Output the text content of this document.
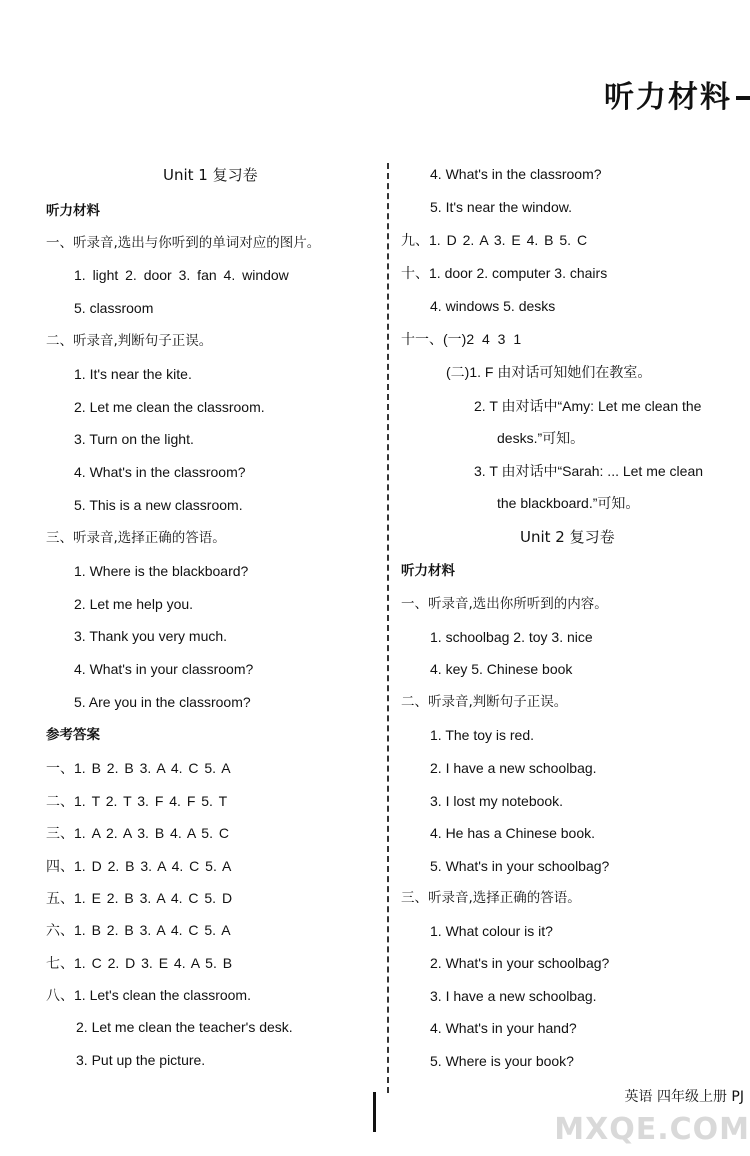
听力材料
Unit 1 复习卷
听力材料
一、听录音,选出与你听到的单词对应的图片。
1. light 2. door 3. fan 4. window
5. classroom
二、听录音,判断句子正误。
1. It's near the kite.
2. Let me clean the classroom.
3. Turn on the light.
4. What's in the classroom?
5. This is a new classroom.
三、听录音,选择正确的答语。
1. Where is the blackboard?
2. Let me help you.
3. Thank you very much.
4. What's in your classroom?
5. Are you in the classroom?
参考答案
一、1. B 2. B 3. A 4. C 5. A
二、1. T 2. T 3. F 4. F 5. T
三、1. A 2. A 3. B 4. A 5. C
四、1. D 2. B 3. A 4. C 5. A
五、1. E 2. B 3. A 4. C 5. D
六、1. B 2. B 3. A 4. C 5. A
七、1. C 2. D 3. E 4. A 5. B
八、1. Let's clean the classroom.
2. Let me clean the teacher's desk.
3. Put up the picture.
4. What's in the classroom?
5. It's near the window.
九、1. D 2. A 3. E 4. B 5. C
十、1. door 2. computer 3. chairs
4. windows 5. desks
十一、(一)2 4 3 1
(二)1. F 由对话可知她们在教室。
2. T 由对话中“Amy: Let me clean the
desks.”可知。
3. T 由对话中“Sarah: ... Let me clean
the blackboard.”可知。
Unit 2 复习卷
听力材料
一、听录音,选出你所听到的内容。
1. schoolbag 2. toy 3. nice
4. key 5. Chinese book
二、听录音,判断句子正误。
1. The toy is red.
2. I have a new schoolbag.
3. I lost my notebook.
4. He has a Chinese book.
5. What's in your schoolbag?
三、听录音,选择正确的答语。
1. What colour is it?
2. What's in your schoolbag?
3. I have a new schoolbag.
4. What's in your hand?
5. Where is your book?
英语 四年级上册 PJ
MXQE.COM
